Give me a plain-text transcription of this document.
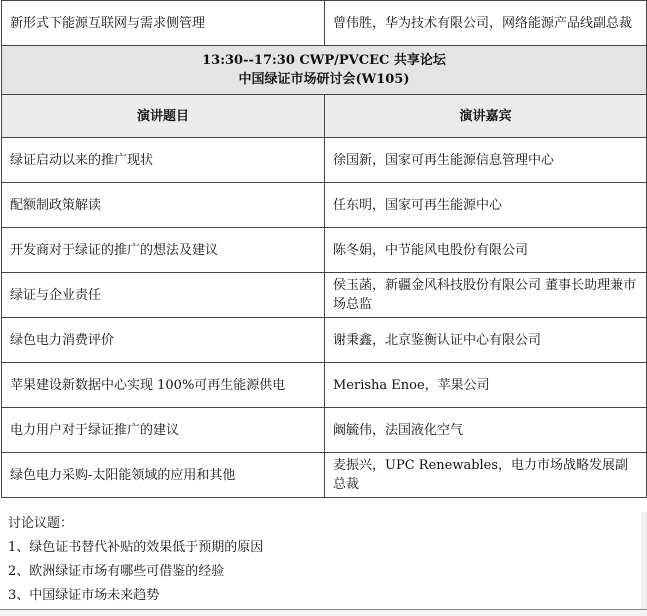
新形式下能源互联网与需求侧管理	曾伟胜，华为技术有限公司，网络能源产品线副总裁

13:30--17:30 CWP/PVCEC 共享论坛
中国绿证市场研讨会(W105)	

演讲题目	演讲嘉宾
绿证启动以来的推广现状	徐国新，国家可再生能源信息管理中心
配额制政策解读	任东明，国家可再生能源中心
开发商对于绿证的推广的想法及建议	陈冬娟，中节能风电股份有限公司
绿证与企业责任	侯玉菡，新疆金风科技股份有限公司 董事长助理兼市场总监
绿色电力消费评价	谢秉鑫，北京鉴衡认证中心有限公司
苹果建设新数据中心实现 100%可再生能源供电	Merisha Enoe，苹果公司
电力用户对于绿证推广的建议	阚毓伟，法国液化空气
绿色电力采购-太阳能领域的应用和其他	麦振兴，UPC Renewables，电力市场战略发展副总裁
讨论议题：
1、绿色证书替代补贴的效果低于预期的原因
2、欧洲绿证市场有哪些可借鉴的经验
3、中国绿证市场未来趋势
